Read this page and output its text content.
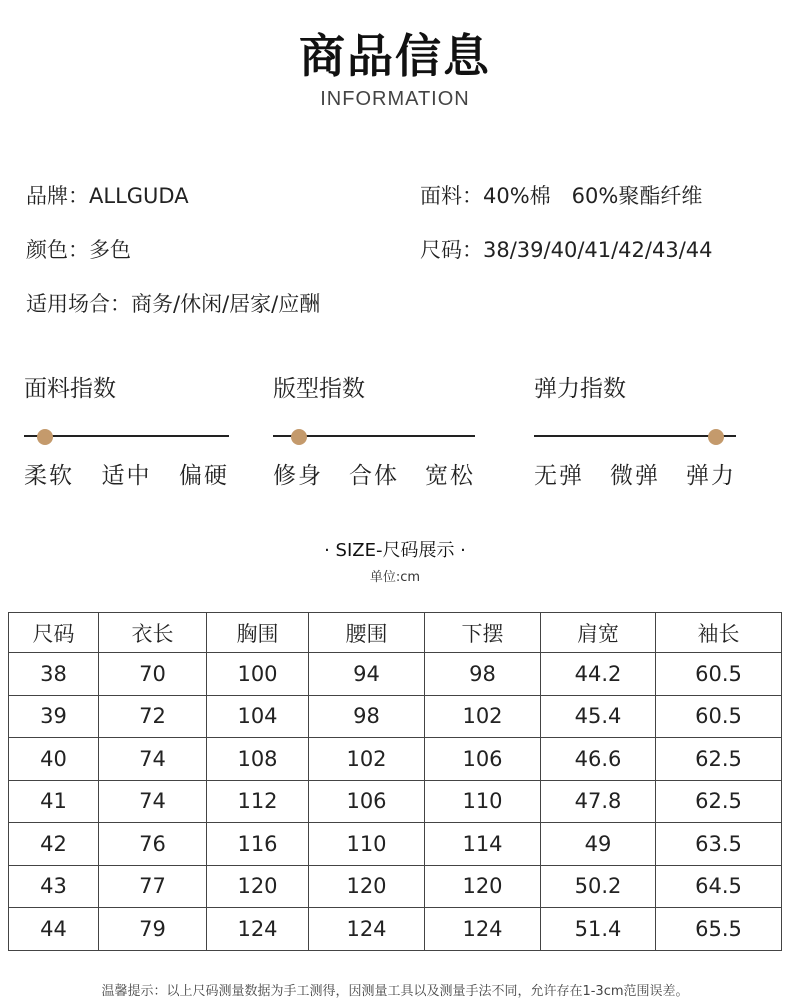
商品信息
INFORMATION
品牌：ALLGUDA	面料：40%棉　60%聚酯纤维
颜色：多色	尺码：38/39/40/41/42/43/44
适用场合：商务/休闲/居家/应酬
面料指数
柔软 适中 偏硬
版型指数
修身 合体 宽松
弹力指数
无弹 微弹 弹力
· SIZE-尺码展示 ·
单位:cm
尺码	衣长	胸围	腰围	下摆	肩宽	袖长
38	70	100	94	98	44.2	60.5
39	72	104	98	102	45.4	60.5
40	74	108	102	106	46.6	62.5
41	74	112	106	110	47.8	62.5
42	76	116	110	114	49	63.5
43	77	120	120	120	50.2	64.5
44	79	124	124	124	51.4	65.5
温馨提示：以上尺码测量数据为手工测得，因测量工具以及测量手法不同，允许存在1-3cm范围误差。
